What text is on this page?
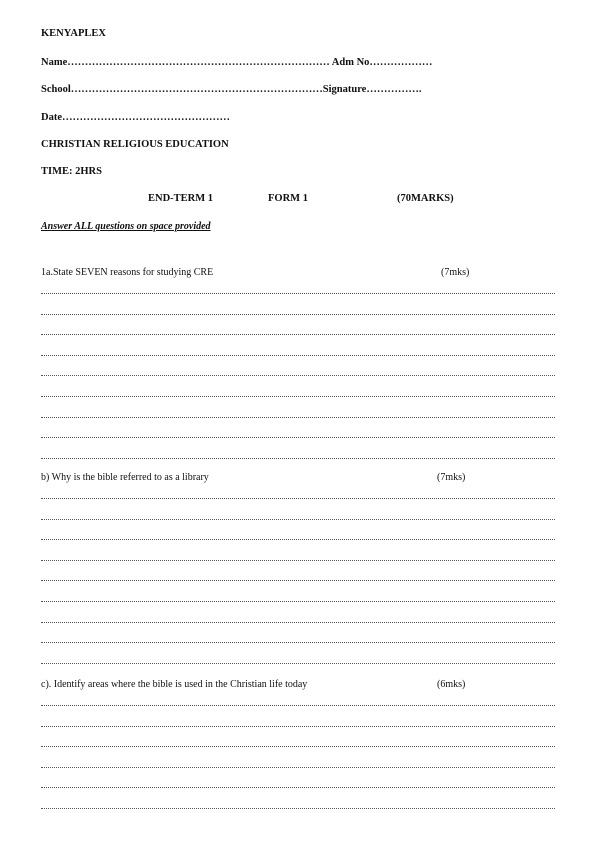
KENYAPLEX
Name………………………………………………………………… Adm No………………
School………………………………………………………………Signature…………….
Date…………………………………………
CHRISTIAN RELIGIOUS EDUCATION
TIME: 2HRS
END-TERM 1	FORM 1	(70MARKS)
Answer ALL questions on space provided
1a.State SEVEN reasons for studying CRE	(7mks)
b) Why is the bible referred to as a library	(7mks)
c). Identify areas where the bible is used in the Christian life today	(6mks)
